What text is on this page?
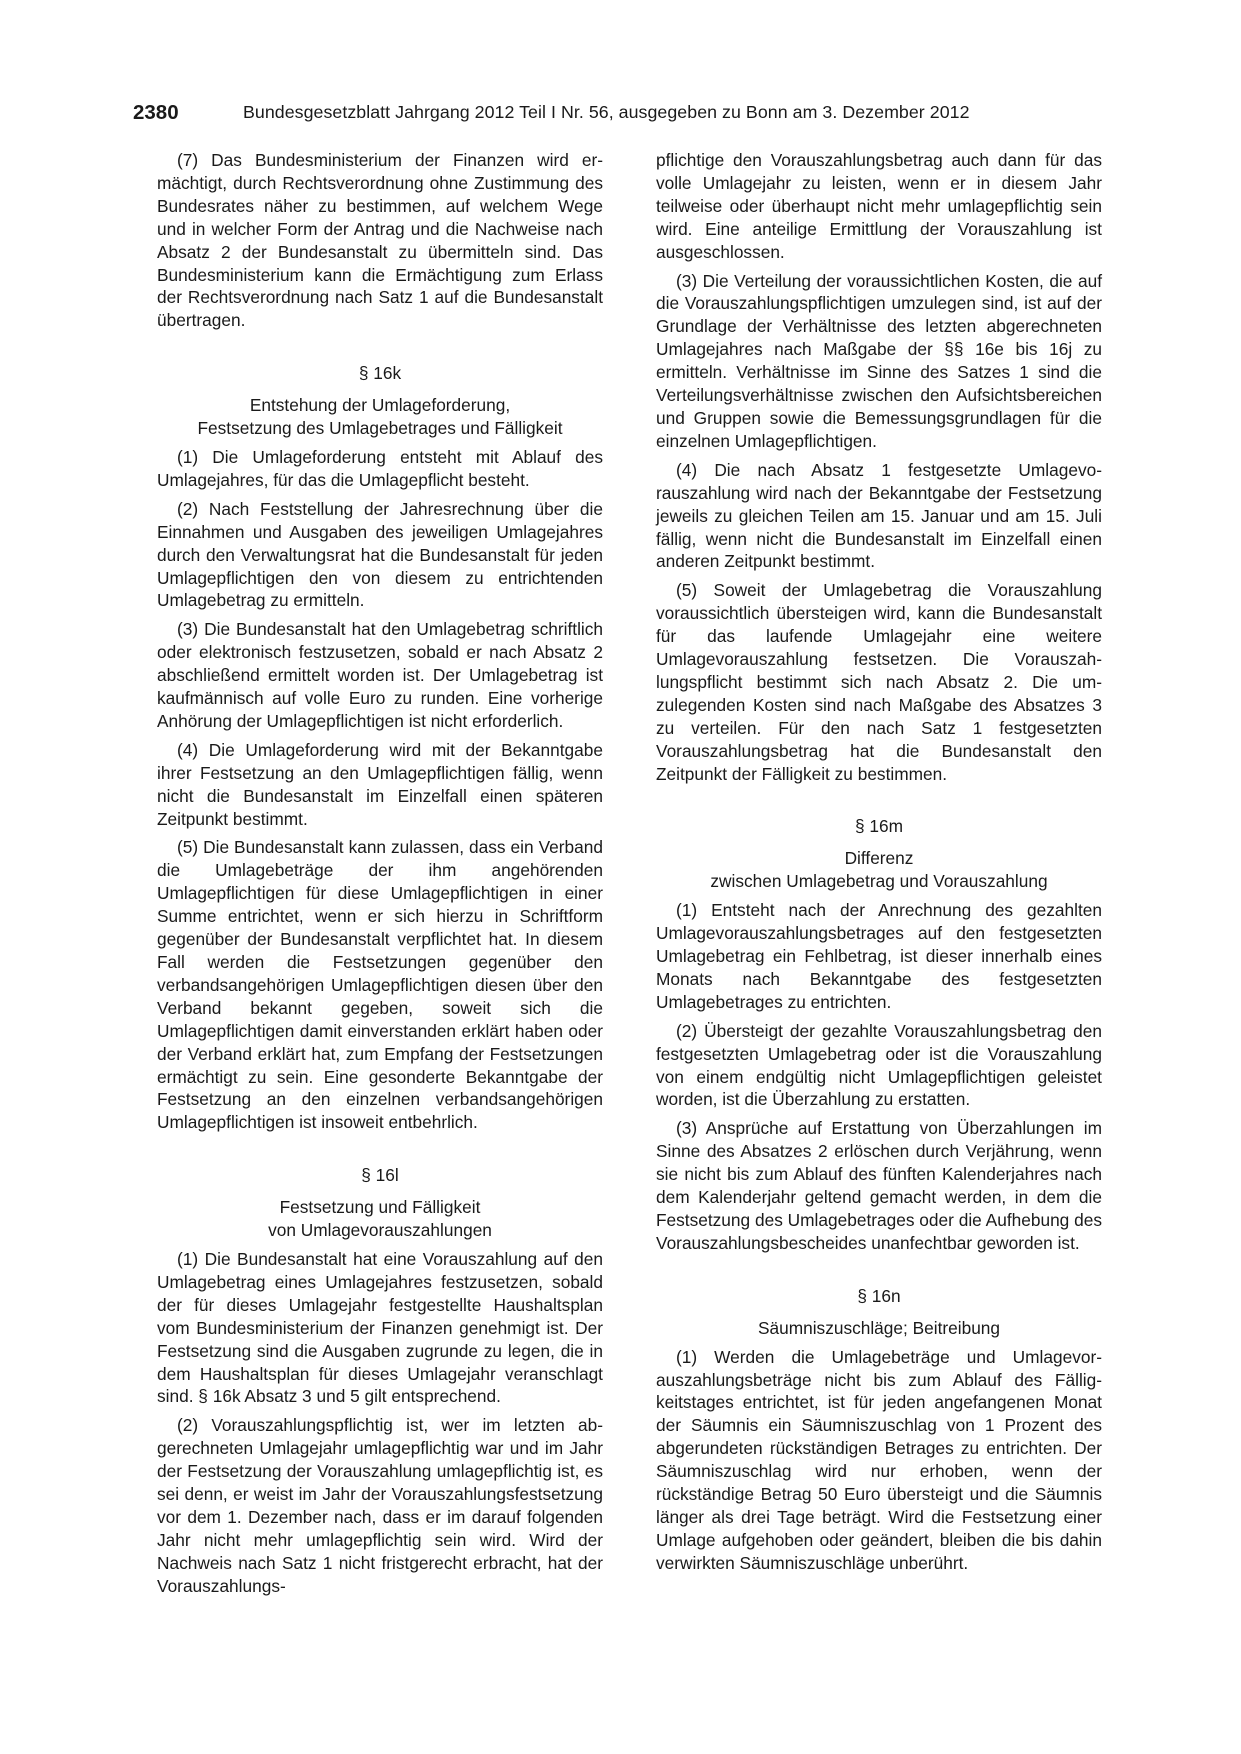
2380	Bundesgesetzblatt Jahrgang 2012 Teil I Nr. 56, ausgegeben zu Bonn am 3. Dezember 2012

(7) Das Bundesministerium der Finanzen wird ermächtigt, durch Rechtsverordnung ohne Zustimmung des Bundesrates näher zu bestimmen, auf welchem Wege und in welcher Form der Antrag und die Nachweise nach Absatz 2 der Bundesanstalt zu übermitteln sind. Das Bundesministerium kann die Ermächtigung zum Erlass der Rechtsverordnung nach Satz 1 auf die Bundesanstalt übertragen.

§ 16k
Entstehung der Umlageforderung,
Festsetzung des Umlagebetrages und Fälligkeit

(1) Die Umlageforderung entsteht mit Ablauf des Umlagejahres, für das die Umlagepflicht besteht.

(2) Nach Feststellung der Jahresrechnung über die Einnahmen und Ausgaben des jeweiligen Umlagejahres durch den Verwaltungsrat hat die Bundesanstalt für jeden Umlagepflichtigen den von diesem zu entrichtenden Umlagebetrag zu ermitteln.

(3) Die Bundesanstalt hat den Umlagebetrag schriftlich oder elektronisch festzusetzen, sobald er nach Absatz 2 abschließend ermittelt worden ist. Der Umlagebetrag ist kaufmännisch auf volle Euro zu runden. Eine vorherige Anhörung der Umlagepflichtigen ist nicht erforderlich.

(4) Die Umlageforderung wird mit der Bekanntgabe ihrer Festsetzung an den Umlagepflichtigen fällig, wenn nicht die Bundesanstalt im Einzelfall einen späteren Zeitpunkt bestimmt.

(5) Die Bundesanstalt kann zulassen, dass ein Verband die Umlagebeträge der ihm angehörenden Umlagepflichtigen für diese Umlagepflichtigen in einer Summe entrichtet, wenn er sich hierzu in Schriftform gegenüber der Bundesanstalt verpflichtet hat. In diesem Fall werden die Festsetzungen gegenüber den verbandsangehörigen Umlagepflichtigen diesen über den Verband bekannt gegeben, soweit sich die Umlagepflichtigen damit einverstanden erklärt haben oder der Verband erklärt hat, zum Empfang der Festsetzungen ermächtigt zu sein. Eine gesonderte Bekanntgabe der Festsetzung an den einzelnen verbandsangehörigen Umlagepflichtigen ist insoweit entbehrlich.

§ 16l
Festsetzung und Fälligkeit
von Umlagevorauszahlungen

(1) Die Bundesanstalt hat eine Vorauszahlung auf den Umlagebetrag eines Umlagejahres festzusetzen, sobald der für dieses Umlagejahr festgestellte Haushaltsplan vom Bundesministerium der Finanzen genehmigt ist. Der Festsetzung sind die Ausgaben zugrunde zu legen, die in dem Haushaltsplan für dieses Umlagejahr veranschlagt sind. § 16k Absatz 3 und 5 gilt entsprechend.

(2) Vorauszahlungspflichtig ist, wer im letzten abgerechneten Umlagejahr umlagepflichtig war und im Jahr der Festsetzung der Vorauszahlung umlagepflichtig ist, es sei denn, er weist im Jahr der Vorauszahlungsfestsetzung vor dem 1. Dezember nach, dass er im darauf folgenden Jahr nicht mehr umlagepflichtig sein wird. Wird der Nachweis nach Satz 1 nicht fristgerecht erbracht, hat der Vorauszahlungs-

pflichtige den Vorauszahlungsbetrag auch dann für das volle Umlagejahr zu leisten, wenn er in diesem Jahr teilweise oder überhaupt nicht mehr umlagepflichtig sein wird. Eine anteilige Ermittlung der Vorauszahlung ist ausgeschlossen.

(3) Die Verteilung der voraussichtlichen Kosten, die auf die Vorauszahlungspflichtigen umzulegen sind, ist auf der Grundlage der Verhältnisse des letzten abgerechneten Umlagejahres nach Maßgabe der §§ 16e bis 16j zu ermitteln. Verhältnisse im Sinne des Satzes 1 sind die Verteilungsverhältnisse zwischen den Aufsichtsbereichen und Gruppen sowie die Bemessungsgrundlagen für die einzelnen Umlagepflichtigen.

(4) Die nach Absatz 1 festgesetzte Umlagevorauszahlung wird nach der Bekanntgabe der Festsetzung jeweils zu gleichen Teilen am 15. Januar und am 15. Juli fällig, wenn nicht die Bundesanstalt im Einzelfall einen anderen Zeitpunkt bestimmt.

(5) Soweit der Umlagebetrag die Vorauszahlung voraussichtlich übersteigen wird, kann die Bundesanstalt für das laufende Umlagejahr eine weitere Umlagevorauszahlung festsetzen. Die Vorauszahlungspflicht bestimmt sich nach Absatz 2. Die umzulegenden Kosten sind nach Maßgabe des Absatzes 3 zu verteilen. Für den nach Satz 1 festgesetzten Vorauszahlungsbetrag hat die Bundesanstalt den Zeitpunkt der Fälligkeit zu bestimmen.

§ 16m
Differenz
zwischen Umlagebetrag und Vorauszahlung

(1) Entsteht nach der Anrechnung des gezahlten Umlagevorauszahlungsbetrages auf den festgesetzten Umlagebetrag ein Fehlbetrag, ist dieser innerhalb eines Monats nach Bekanntgabe des festgesetzten Umlagebetrages zu entrichten.

(2) Übersteigt der gezahlte Vorauszahlungsbetrag den festgesetzten Umlagebetrag oder ist die Vorauszahlung von einem endgültig nicht Umlagepflichtigen geleistet worden, ist die Überzahlung zu erstatten.

(3) Ansprüche auf Erstattung von Überzahlungen im Sinne des Absatzes 2 erlöschen durch Verjährung, wenn sie nicht bis zum Ablauf des fünften Kalenderjahres nach dem Kalenderjahr geltend gemacht werden, in dem die Festsetzung des Umlagebetrages oder die Aufhebung des Vorauszahlungsbescheides unanfechtbar geworden ist.

§ 16n
Säumniszuschläge; Beitreibung

(1) Werden die Umlagebeträge und Umlagevorauszahlungsbeträge nicht bis zum Ablauf des Fälligkeitstages entrichtet, ist für jeden angefangenen Monat der Säumnis ein Säumniszuschlag von 1 Prozent des abgerundeten rückständigen Betrages zu entrichten. Der Säumniszuschlag wird nur erhoben, wenn der rückständige Betrag 50 Euro übersteigt und die Säumnis länger als drei Tage beträgt. Wird die Festsetzung einer Umlage aufgehoben oder geändert, bleiben die bis dahin verwirkten Säumniszuschläge unberührt.
